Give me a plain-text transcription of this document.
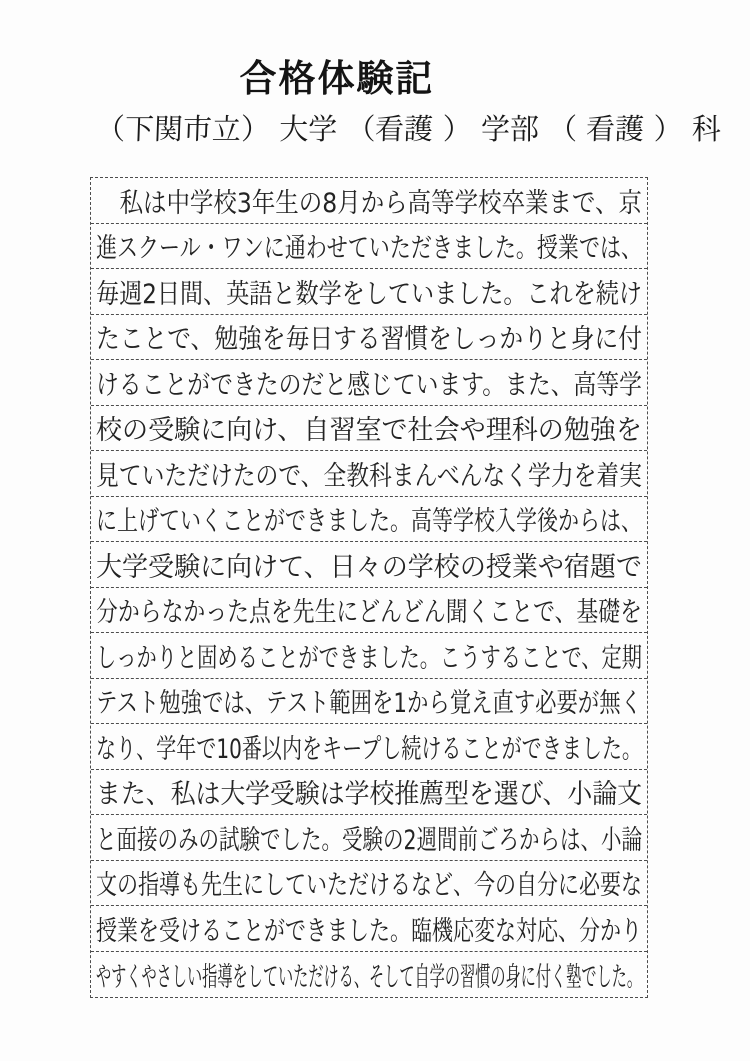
合格体験記
（下関市立） 大学 （看護 ） 学部 （ 看護 ） 科
　私は中学校3年生の8月から高等学校卒業まで、京
進スクール・ワンに通わせていただきました。授業では、
毎週2日間、英語と数学をしていました。これを続け
たことで、勉強を毎日する習慣をしっかりと身に付
けることができたのだと感じています。また、高等学
校の受験に向け、自習室で社会や理科の勉強を
見ていただけたので、全教科まんべんなく学力を着実
に上げていくことができました。高等学校入学後からは、
大学受験に向けて、日々の学校の授業や宿題で
分からなかった点を先生にどんどん聞くことで、基礎を
しっかりと固めることができました。こうすることで、定期
テスト勉強では、テスト範囲を1から覚え直す必要が無く
なり、学年で10番以内をキープし続けることができました。
また、私は大学受験は学校推薦型を選び、小論文
と面接のみの試験でした。受験の2週間前ごろからは、小論
文の指導も先生にしていただけるなど、今の自分に必要な
授業を受けることができました。臨機応変な対応、分かり
やすくやさしい指導をしていただける、そして自学の習慣の身に付く塾でした。
